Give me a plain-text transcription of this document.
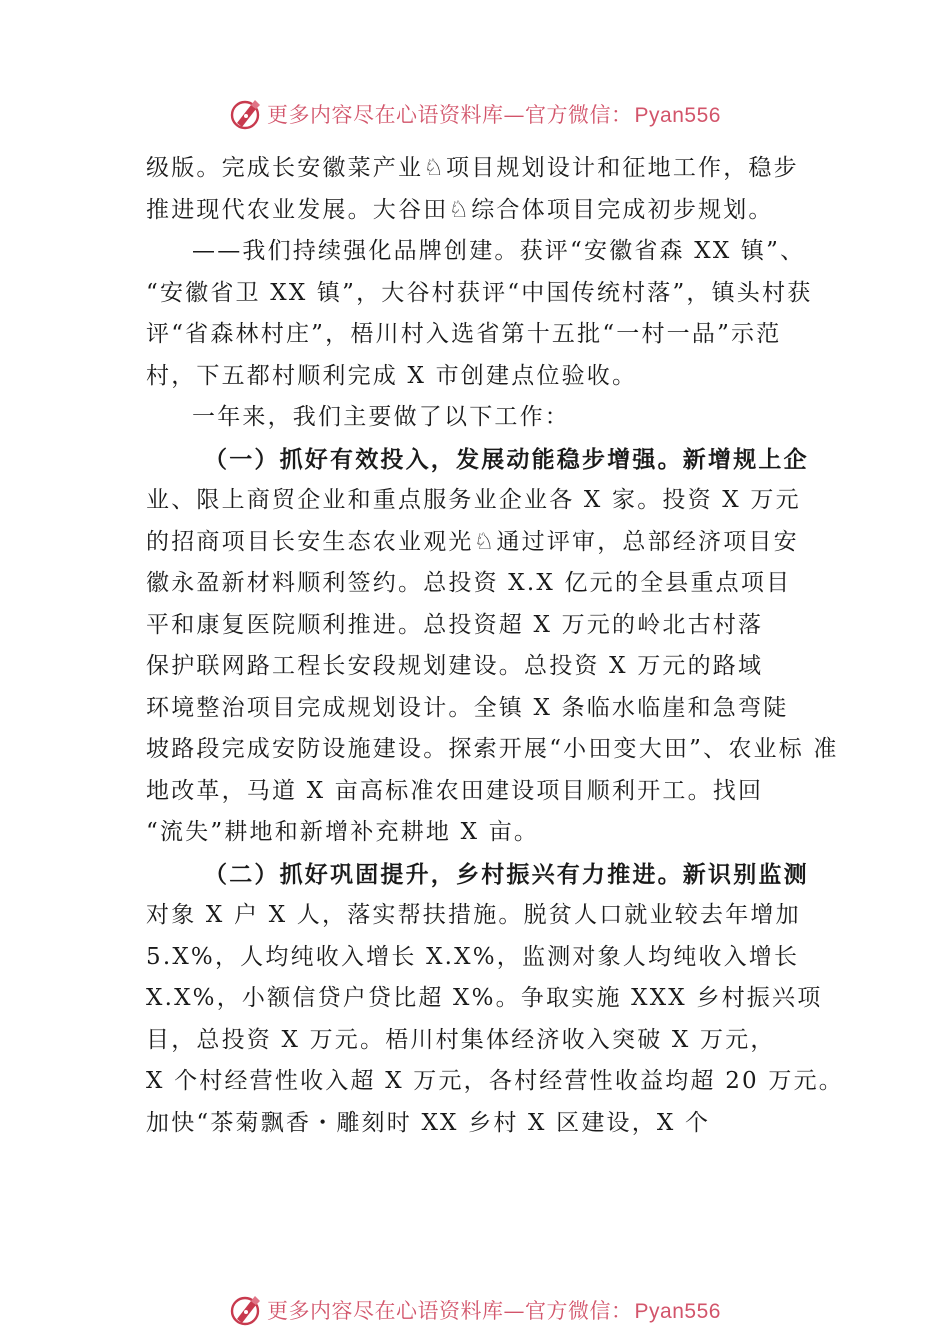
更多内容尽在心语资料库—官方微信：Pyan556
级版。完成长安徽菜产业♘项目规划设计和征地工作，稳步
推进现代农业发展。大谷田♘综合体项目完成初步规划。
——我们持续强化品牌创建。获评“安徽省森 XX 镇”、
“安徽省卫 XX 镇”，大谷村获评“中国传统村落”，镇头村获
评“省森林村庄”，梧川村入选省第十五批“一村一品”示范
村，下五都村顺利完成 X 市创建点位验收。
一年来，我们主要做了以下工作：
（一）抓好有效投入，发展动能稳步增强。新增规上企
业、限上商贸企业和重点服务业企业各 X 家。投资 X 万元
的招商项目长安生态农业观光♘通过评审，总部经济项目安
徽永盈新材料顺利签约。总投资 X.X 亿元的全县重点项目
平和康复医院顺利推进。总投资超 X 万元的岭北古村落
保护联网路工程长安段规划建设。总投资 X 万元的路域
环境整治项目完成规划设计。全镇 X 条临水临崖和急弯陡
坡路段完成安防设施建设。探索开展“小田变大田”、农业标 准
地改革，马道 X 亩高标准农田建设项目顺利开工。找回
“流失”耕地和新增补充耕地 X 亩。
（二）抓好巩固提升，乡村振兴有力推进。新识别监测
对象 X 户 X 人，落实帮扶措施。脱贫人口就业较去年增加
5.X%，人均纯收入增长 X.X%，监测对象人均纯收入增长
X.X%，小额信贷户贷比超 X%。争取实施 XXX 乡村振兴项
目，总投资 X 万元。梧川村集体经济收入突破 X 万元，
X 个村经营性收入超 X 万元，各村经营性收益均超 20 万元。
加快“茶菊飘香・雕刻时 XX 乡村 X 区建设，X 个
更多内容尽在心语资料库—官方微信：Pyan556
